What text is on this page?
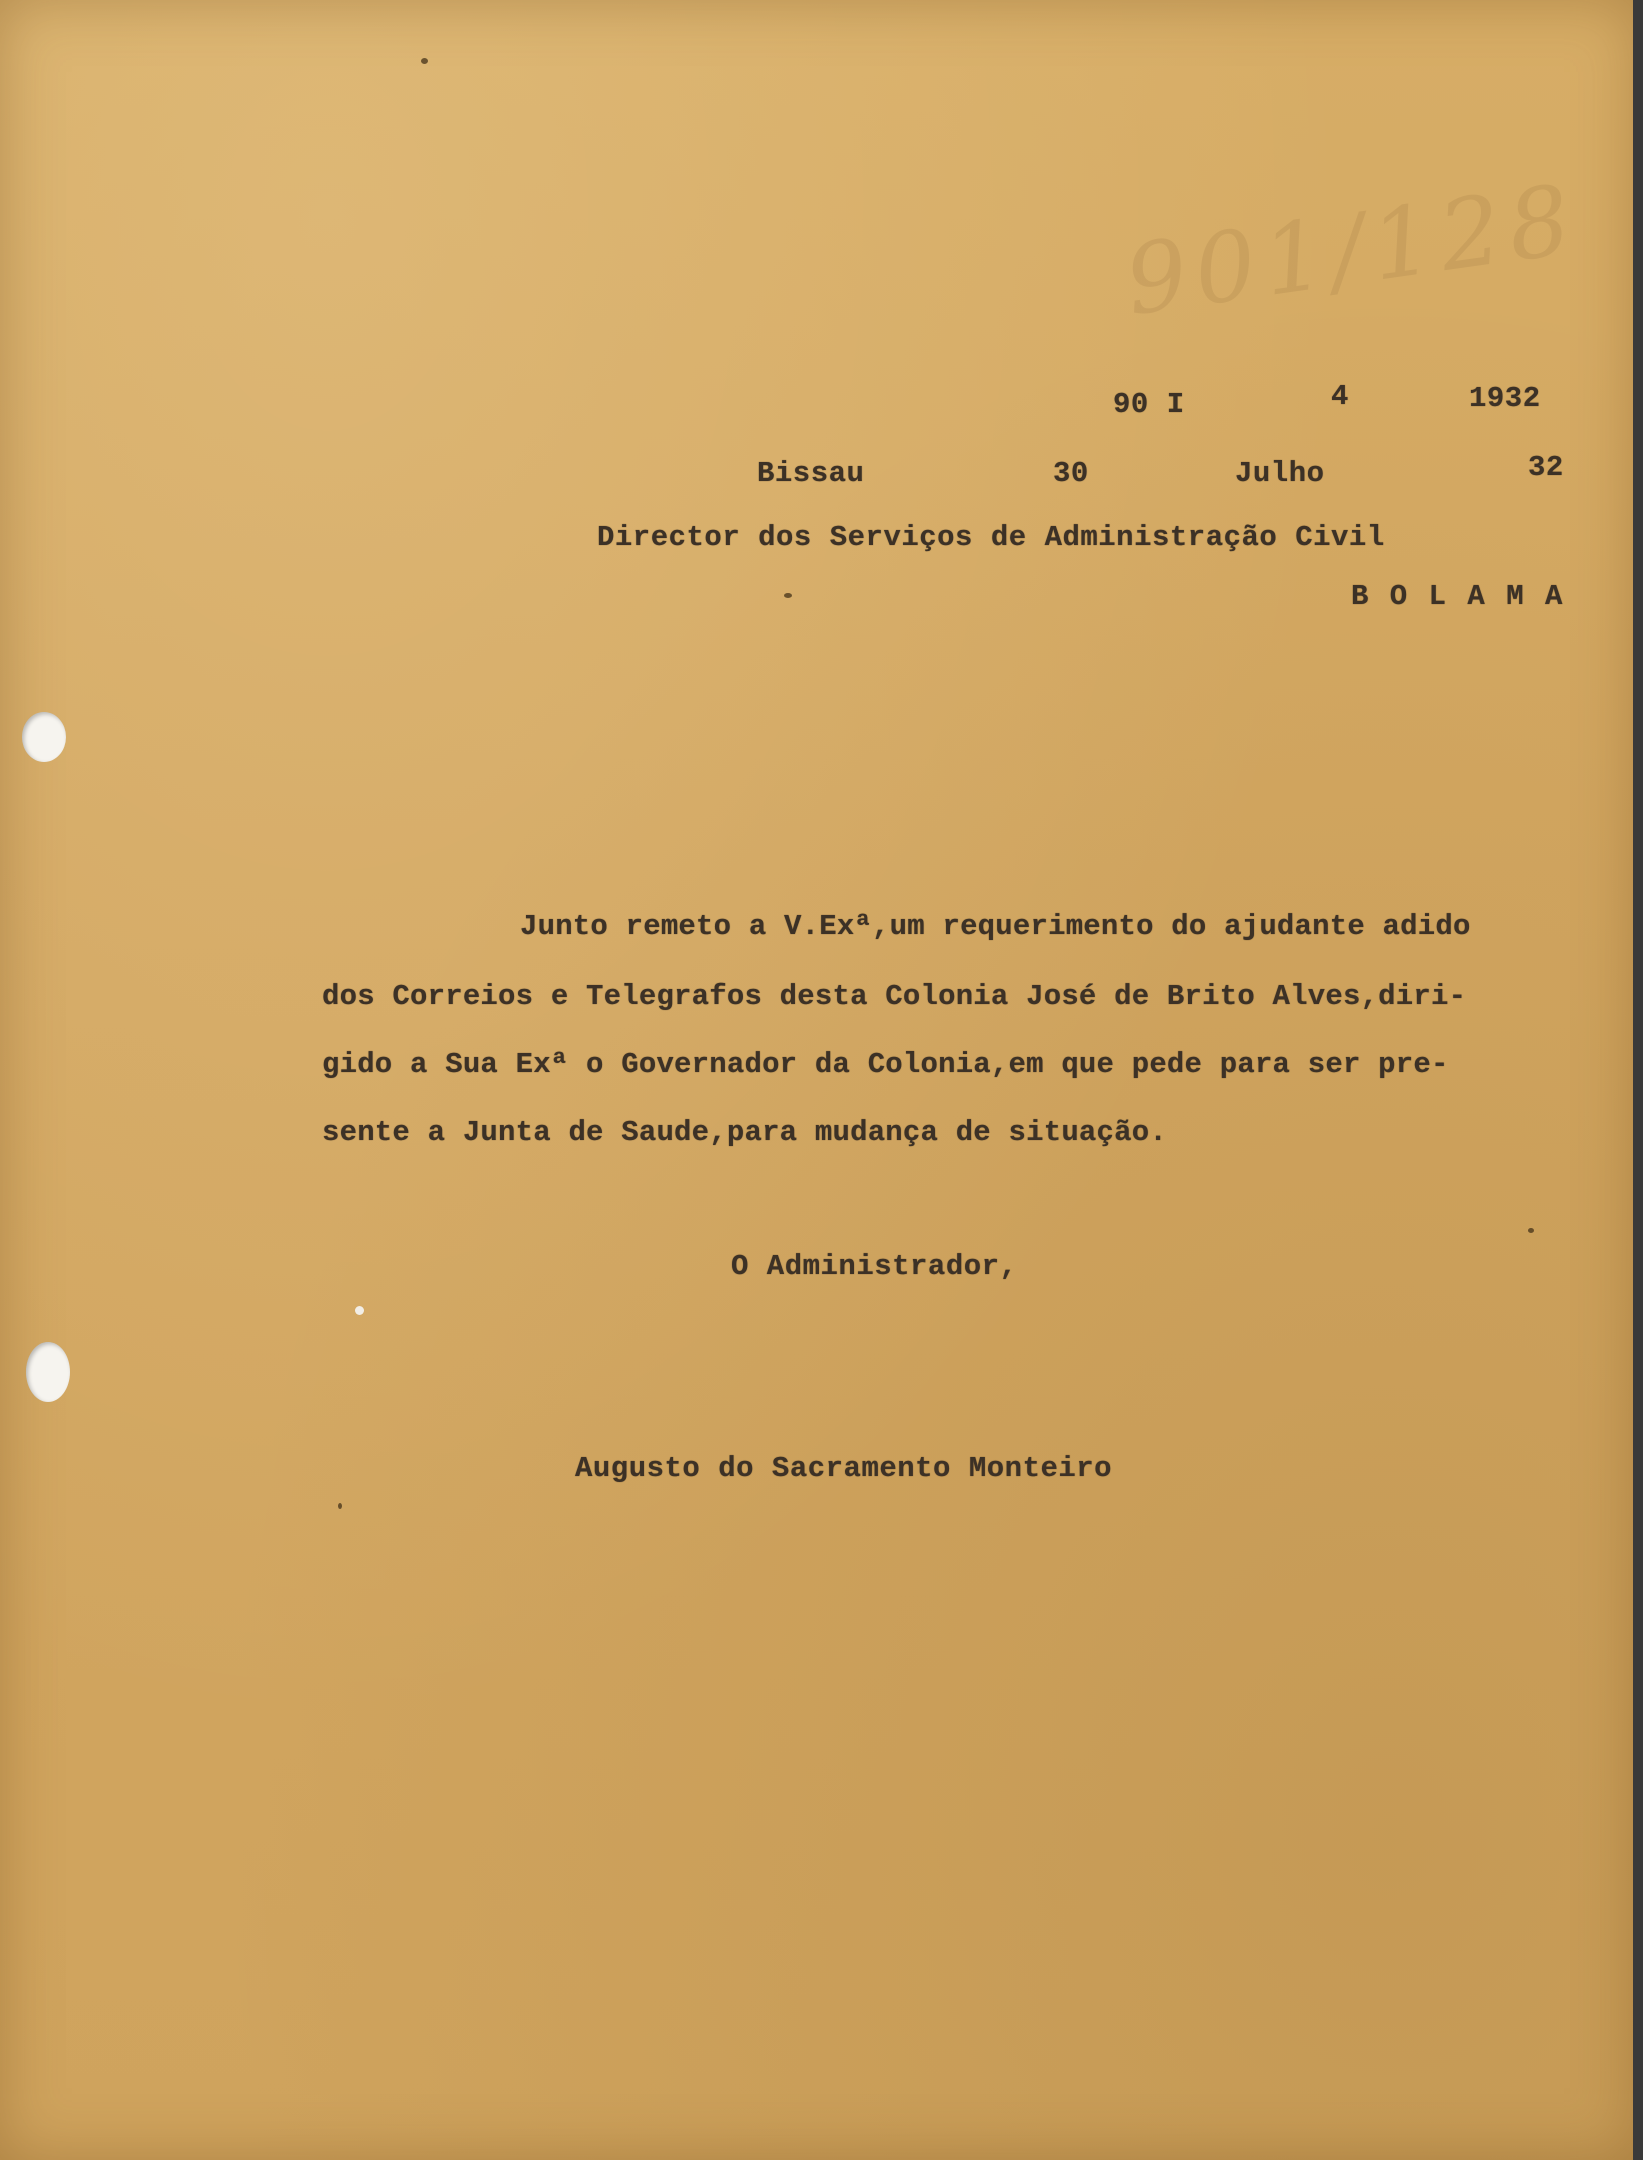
901/128
90 I	4	1932
Bissau	30	Julho	32
Director dos Serviços de Administração Civil
B O L A M A
Junto remeto a V.Exª,um requerimento do ajudante adido
dos Correios e Telegrafos desta Colonia José de Brito Alves,diri-
gido a Sua Exª o Governador da Colonia,em que pede para ser pre-
sente a Junta de Saude,para mudança de situação.
O Administrador,
Augusto do Sacramento Monteiro
